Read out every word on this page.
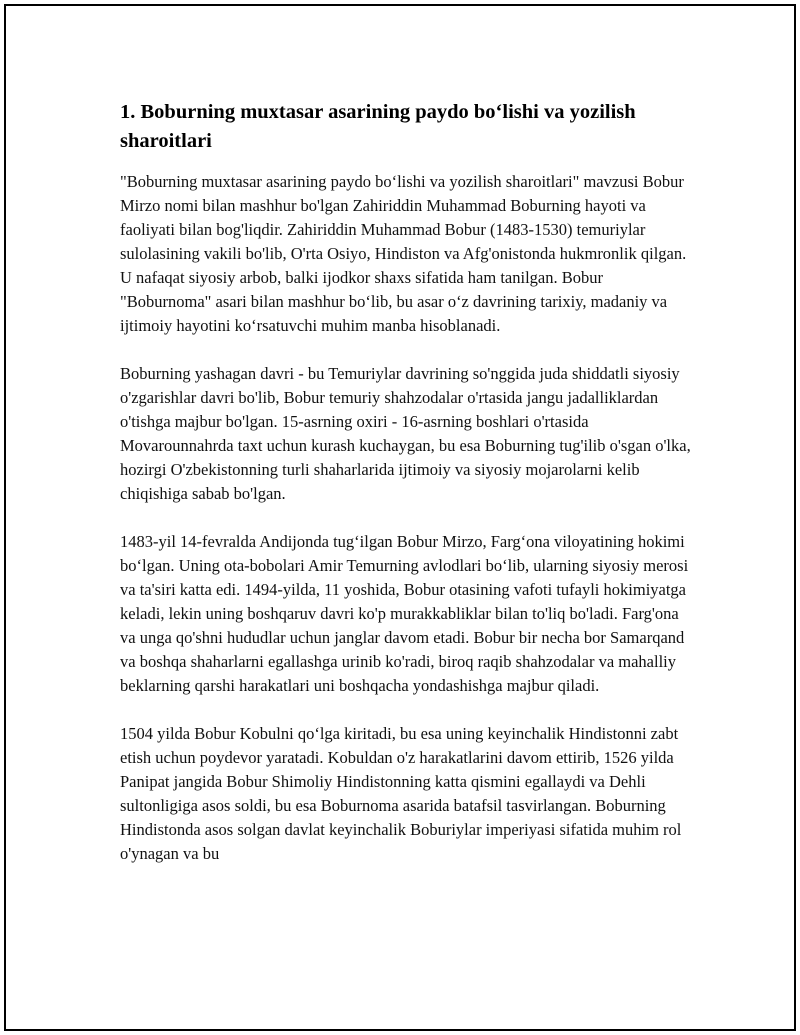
1. Boburning muxtasar asarining paydo bo‘lishi va yozilish sharoitlari

"Boburning muxtasar asarining paydo bo‘lishi va yozilish sharoitlari" mavzusi Bobur Mirzo nomi bilan mashhur bo'lgan Zahiriddin Muhammad Boburning hayoti va faoliyati bilan bog'liqdir. Zahiriddin Muhammad Bobur (1483-1530) temuriylar sulolasining vakili bo'lib, O'rta Osiyo, Hindiston va Afg'onistonda hukmronlik qilgan. U nafaqat siyosiy arbob, balki ijodkor shaxs sifatida ham tanilgan. Bobur "Boburnoma" asari bilan mashhur bo‘lib, bu asar o‘z davrining tarixiy, madaniy va ijtimoiy hayotini ko‘rsatuvchi muhim manba hisoblanadi.

Boburning yashagan davri - bu Temuriylar davrining so'nggida juda shiddatli siyosiy o'zgarishlar davri bo'lib, Bobur temuriy shahzodalar o'rtasida jangu jadalliklardan o'tishga majbur bo'lgan. 15-asrning oxiri - 16-asrning boshlari o'rtasida Movarounnahrda taxt uchun kurash kuchaygan, bu esa Boburning tug'ilib o'sgan o'lka, hozirgi O'zbekistonning turli shaharlarida ijtimoiy va siyosiy mojarolarni kelib chiqishiga sabab bo'lgan.

1483-yil 14-fevralda Andijonda tug‘ilgan Bobur Mirzo, Farg‘ona viloyatining hokimi bo‘lgan. Uning ota-bobolari Amir Temurning avlodlari bo‘lib, ularning siyosiy merosi va ta'siri katta edi. 1494-yilda, 11 yoshida, Bobur otasining vafoti tufayli hokimiyatga keladi, lekin uning boshqaruv davri ko'p murakkabliklar bilan to'liq bo'ladi. Farg'ona va unga qo'shni hududlar uchun janglar davom etadi. Bobur bir necha bor Samarqand va boshqa shaharlarni egallashga urinib ko'radi, biroq raqib shahzodalar va mahalliy beklarning qarshi harakatlari uni boshqacha yondashishga majbur qiladi.

1504 yilda Bobur Kobulni qo‘lga kiritadi, bu esa uning keyinchalik Hindistonni zabt etish uchun poydevor yaratadi. Kobuldan o'z harakatlarini davom ettirib, 1526 yilda Panipat jangida Bobur Shimoliy Hindistonning katta qismini egallaydi va Dehli sultonligiga asos soldi, bu esa Boburnoma asarida batafsil tasvirlangan. Boburning Hindistonda asos solgan davlat keyinchalik Boburiylar imperiyasi sifatida muhim rol o'ynagan va bu
